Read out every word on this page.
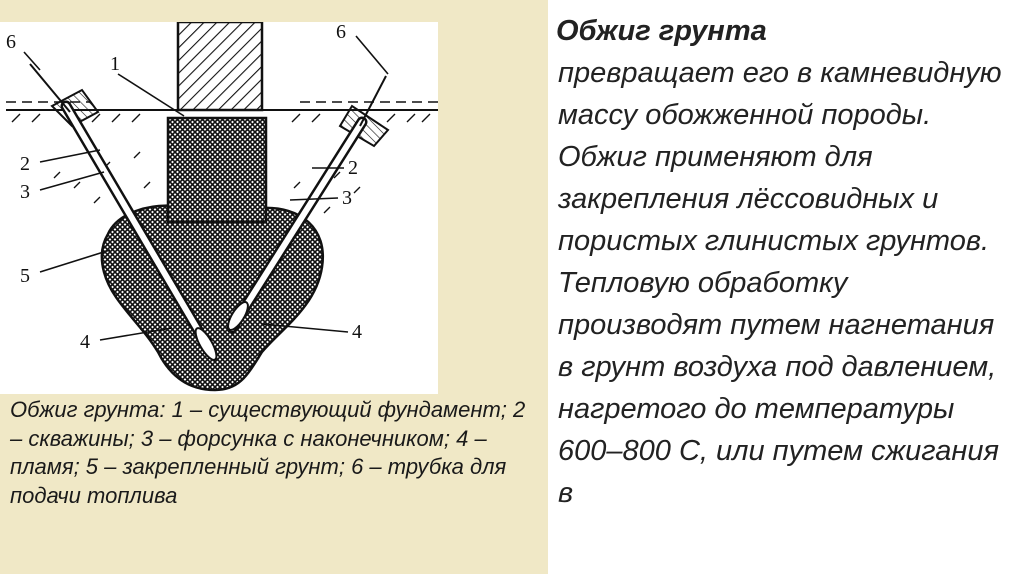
1
2
3
5
4
2
3
4
6	6
Обжиг грунта: 1 – существующий фундамент; 2 – скважины; 3 – форсунка с наконечником; 4 – пламя; 5 – закрепленный грунт; 6 – трубка для подачи топлива
Обжиг грунта
превращает его в камневидную массу обожженной породы. Обжиг применяют для закрепления лёссовидных и пористых глинистых грунтов. Тепловую обработку производят путем нагнетания в грунт воздуха под давлением, нагретого до температуры 600–800 С, или путем сжигания в
